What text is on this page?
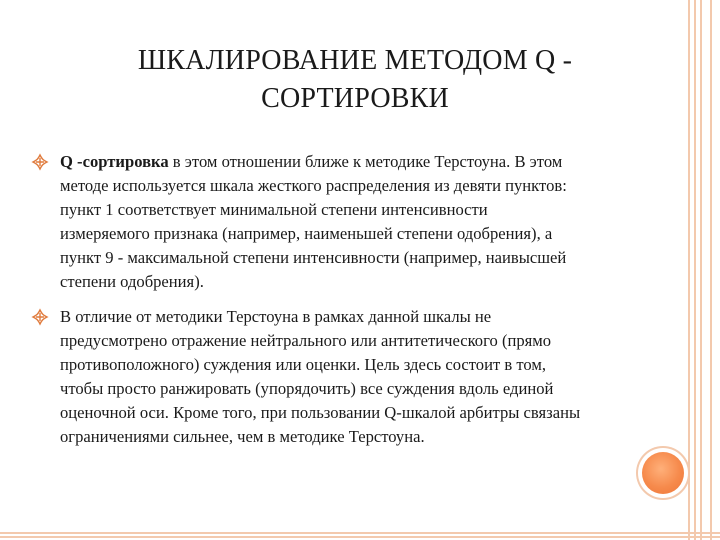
ШКАЛИРОВАНИЕ МЕТОДОМ Q -
СОРТИРОВКИ
Q -сортировка в этом отношении ближе к методике Терстоуна. В этом
методе используется шкала жесткого распределения из девяти пунктов:
пункт 1 соответствует минимальной степени интенсивности
измеряемого признака (например, наименьшей степени одобрения), а
пункт 9 - максимальной степени интенсивности (например, наивысшей
степени одобрения).
В отличие от методики Терстоуна в рамках данной шкалы не
предусмотрено отражение нейтрального или антитетического (прямо
противоположного) суждения или оценки. Цель здесь состоит в том,
чтобы просто ранжировать (упорядочить) все суждения вдоль единой
оценочной оси. Кроме того, при пользовании Q-шкалой арбитры связаны
ограничениями сильнее, чем в методике Терстоуна.
